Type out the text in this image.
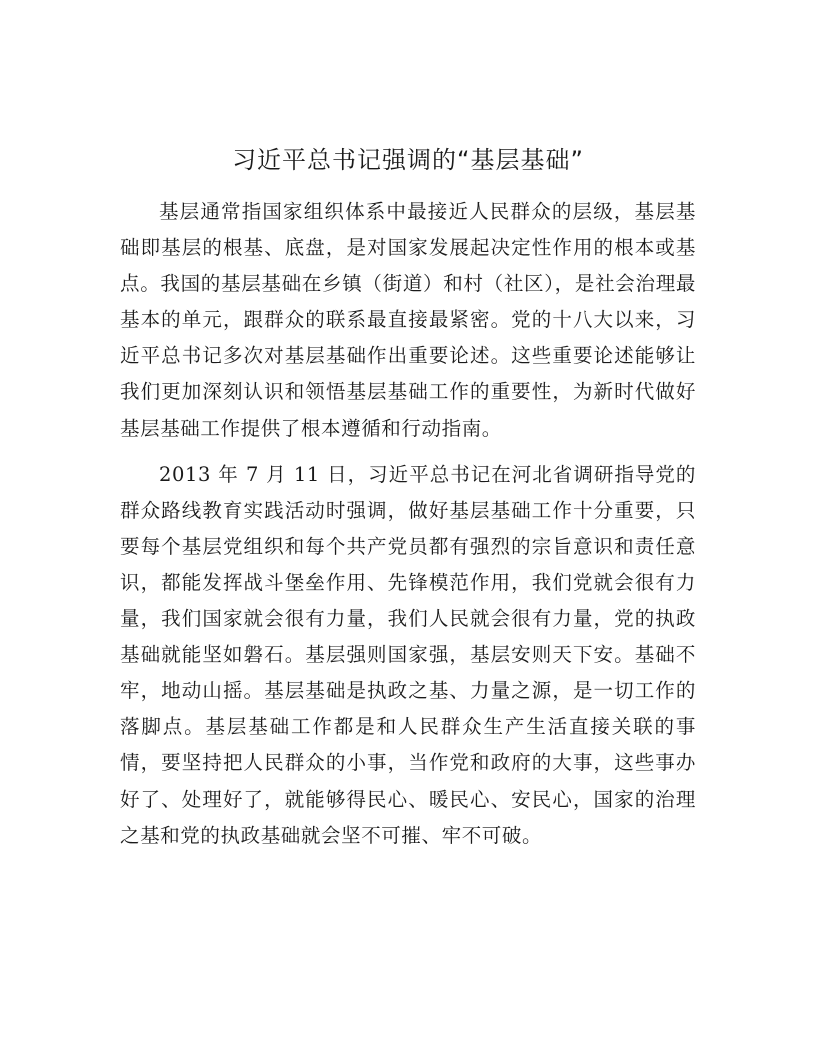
习近平总书记强调的“基层基础”

基层通常指国家组织体系中最接近人民群众的层级，基层基础即基层的根基、底盘，是对国家发展起决定性作用的根本或基点。我国的基层基础在乡镇（街道）和村（社区），是社会治理最基本的单元，跟群众的联系最直接最紧密。党的十八大以来，习近平总书记多次对基层基础作出重要论述。这些重要论述能够让我们更加深刻认识和领悟基层基础工作的重要性，为新时代做好基层基础工作提供了根本遵循和行动指南。

2013 年 7 月 11 日，习近平总书记在河北省调研指导党的群众路线教育实践活动时强调，做好基层基础工作十分重要，只要每个基层党组织和每个共产党员都有强烈的宗旨意识和责任意识，都能发挥战斗堡垒作用、先锋模范作用，我们党就会很有力量，我们国家就会很有力量，我们人民就会很有力量，党的执政基础就能坚如磐石。基层强则国家强，基层安则天下安。基础不牢，地动山摇。基层基础是执政之基、力量之源，是一切工作的落脚点。基层基础工作都是和人民群众生产生活直接关联的事情，要坚持把人民群众的小事，当作党和政府的大事，这些事办好了、处理好了，就能够得民心、暖民心、安民心，国家的治理之基和党的执政基础就会坚不可摧、牢不可破。
